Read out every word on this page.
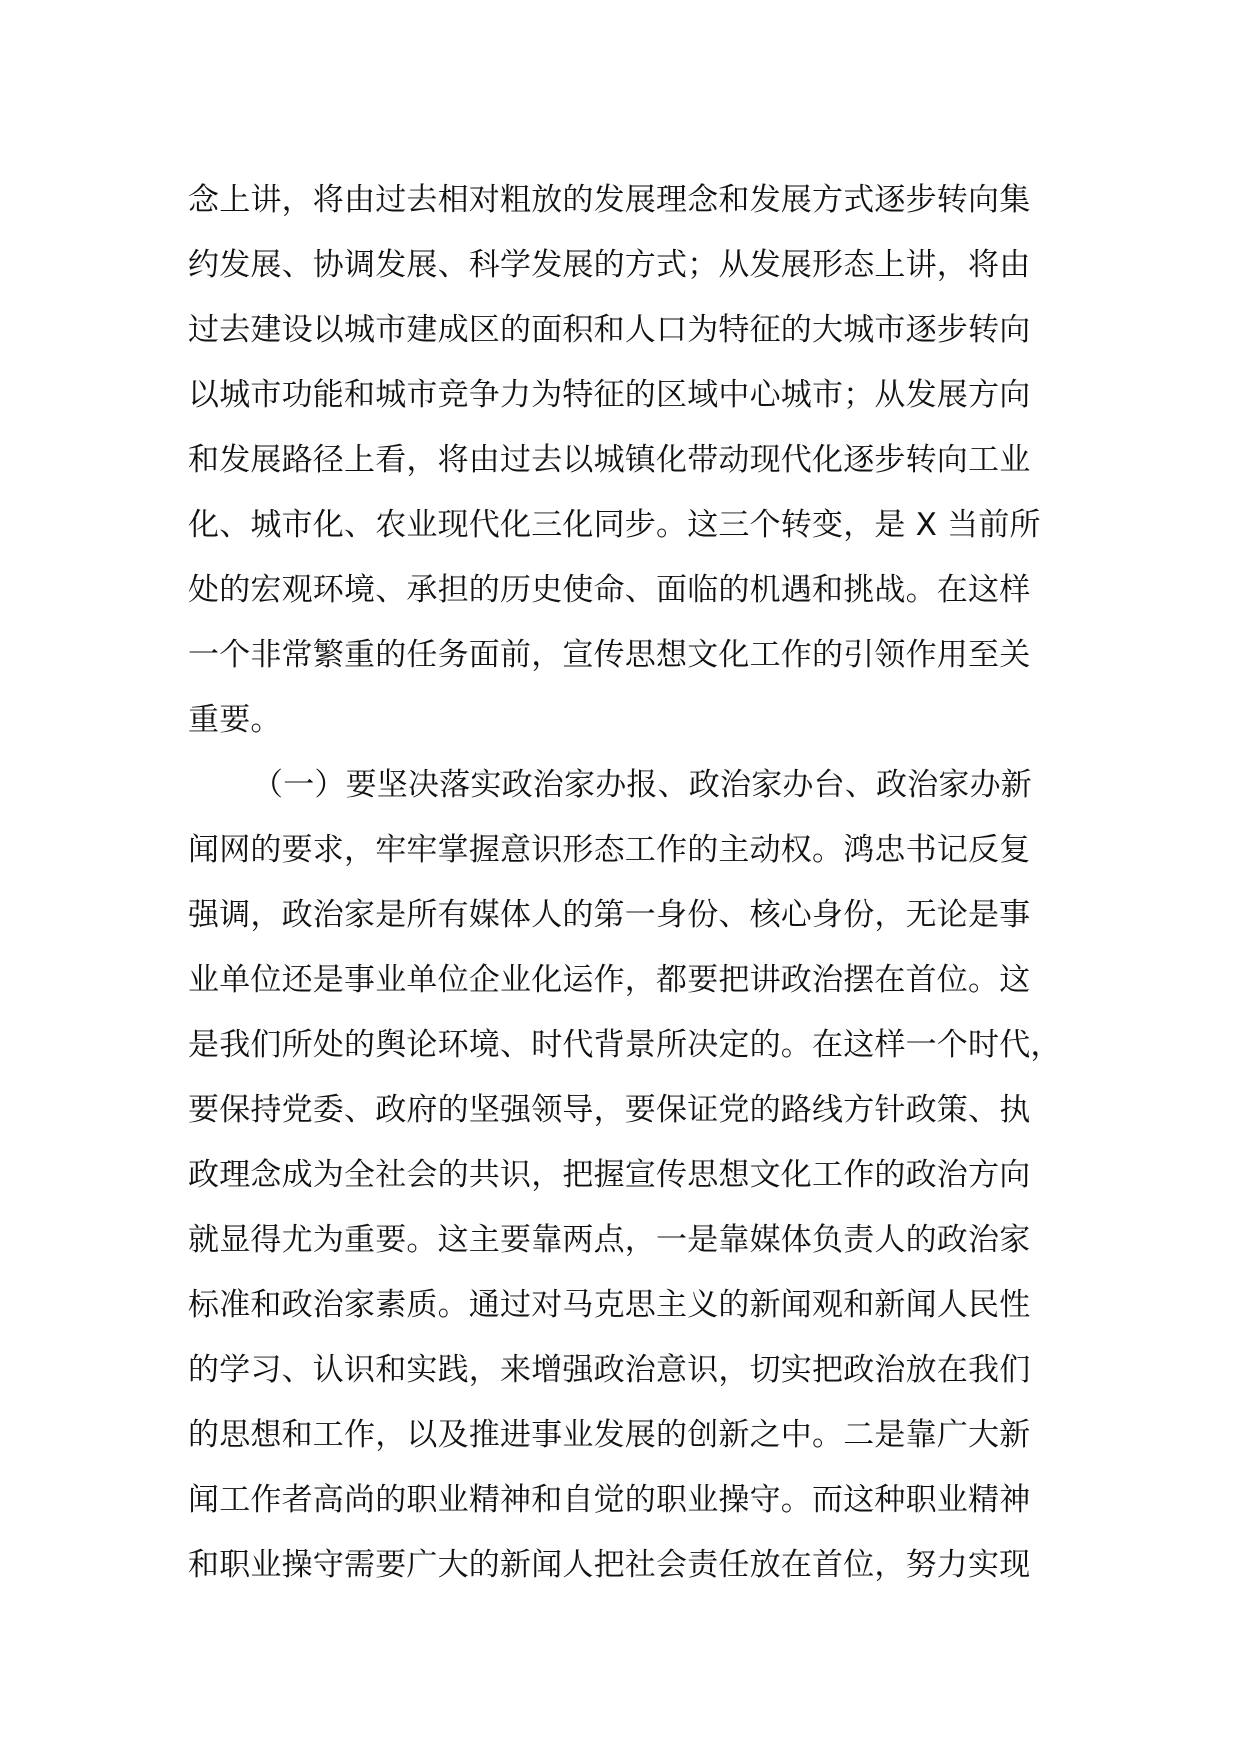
念上讲，将由过去相对粗放的发展理念和发展方式逐步转向集
约发展、协调发展、科学发展的方式；从发展形态上讲，将由
过去建设以城市建成区的面积和人口为特征的大城市逐步转向
以城市功能和城市竞争力为特征的区域中心城市；从发展方向
和发展路径上看，将由过去以城镇化带动现代化逐步转向工业
化、城市化、农业现代化三化同步。这三个转变，是 X 当前所
处的宏观环境、承担的历史使命、面临的机遇和挑战。在这样
一个非常繁重的任务面前，宣传思想文化工作的引领作用至关
重要。
（一）要坚决落实政治家办报、政治家办台、政治家办新
闻网的要求，牢牢掌握意识形态工作的主动权。鸿忠书记反复
强调，政治家是所有媒体人的第一身份、核心身份，无论是事
业单位还是事业单位企业化运作，都要把讲政治摆在首位。这
是我们所处的舆论环境、时代背景所决定的。在这样一个时代，
要保持党委、政府的坚强领导，要保证党的路线方针政策、执
政理念成为全社会的共识，把握宣传思想文化工作的政治方向
就显得尤为重要。这主要靠两点，一是靠媒体负责人的政治家
标准和政治家素质。通过对马克思主义的新闻观和新闻人民性
的学习、认识和实践，来增强政治意识，切实把政治放在我们
的思想和工作，以及推进事业发展的创新之中。二是靠广大新
闻工作者高尚的职业精神和自觉的职业操守。而这种职业精神
和职业操守需要广大的新闻人把社会责任放在首位，努力实现
